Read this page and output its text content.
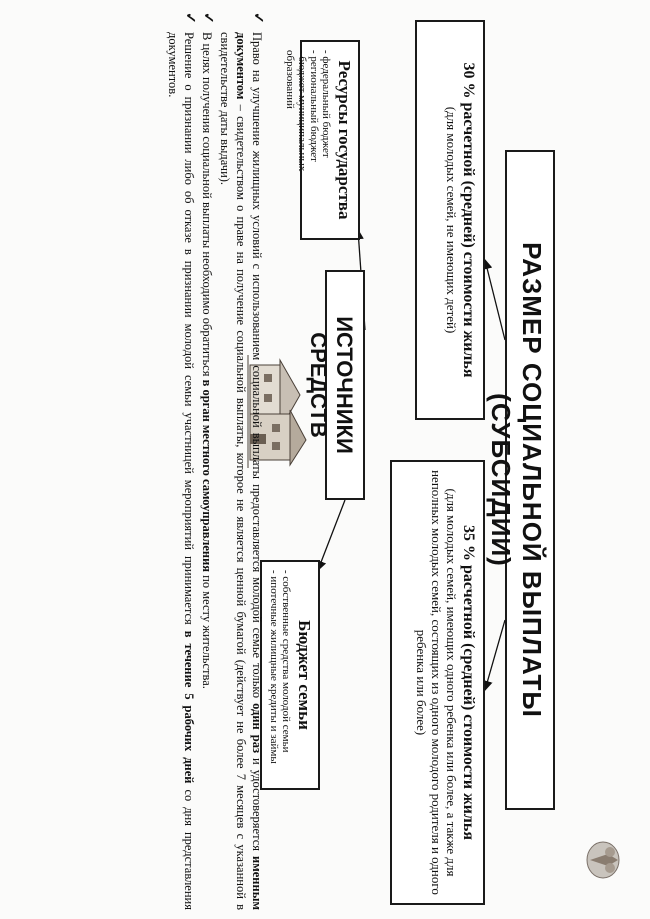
РАЗМЕР СОЦИАЛЬНОЙ ВЫПЛАТЫ (СУБСИДИИ)
30 % расчетной (средней) стоимости жилья
(для молодых семей, не имеющих детей)
35 % расчетной (средней) стоимости жилья
(для молодых семей, имеющих одного ребенка или более, а также для неполных молодых семей, состоящих из одного молодого родителя и одного ребенка или более)
ИСТОЧНИКИ СРЕДСТВ
Ресурсы государства
- федеральный бюджет
- региональный бюджет
- бюджет муниципальных образований
Бюджет семьи
- собственные средства молодой семьи
- ипотечные жилищные кредиты и займы

✓
Право на улучшение жилищных условий с использованием социальной выплаты предоставляется молодой семье только один раз и удостоверяется именным документом – свидетельством о праве на получение социальной выплаты, которое не является ценной бумагой (действует не более 7 месяцев с указанной в свидетельстве даты выдачи).

✓
В целях получения социальной выплаты необходимо обратиться в орган местного самоуправления по месту жительства.

✓
Решение о признании либо об отказе в признании молодой семьи участницей мероприятий принимается в течение 5 рабочих дней со дня представления документов.
